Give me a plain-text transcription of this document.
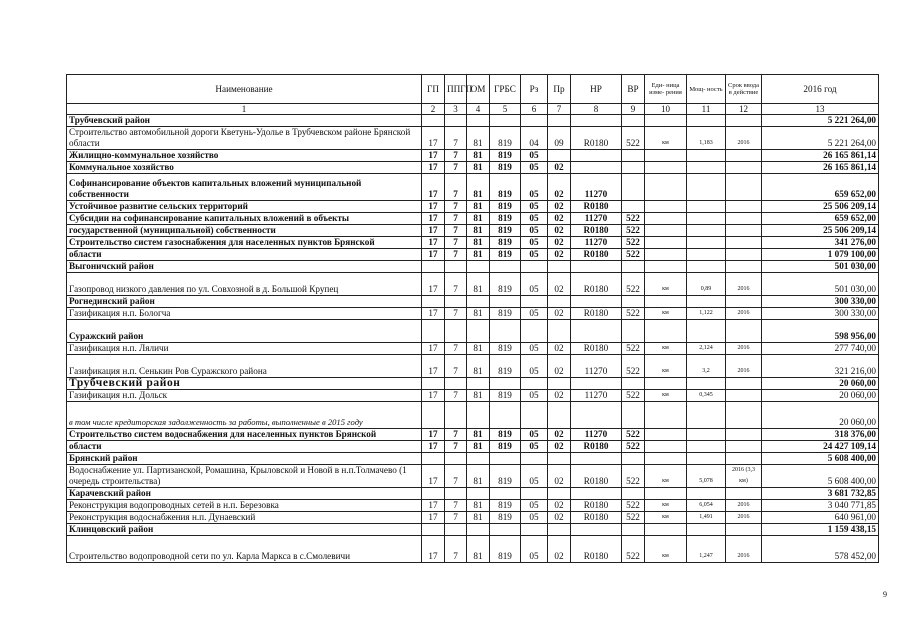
Наименование	ГП	ППГП	ОМ	ГРБС	Рз	Пр	НР	ВР	Еди- ница изме- рения	Мощ- ность	Срок ввода в действие	2016 год
1	2	3	4	5	6	7	8	9	10	11	12	13
Трубчевский район												5 221 264,00
Строительство автомобильной дороги Кветунь-Удолье в Трубчевском районе Брянской области	17	7	81	819	04	09	R0180	522	км	1,183	2016	5 221 264,00
Жилищно-коммунальное хозяйство	17	7	81	819	05							26 165 861,14
Коммунальное хозяйство	17	7	81	819	05	02						26 165 861,14
Софинансирование объектов капитальных вложений муниципальной собственности	17	7	81	819	05	02	11270					659 652,00
Устойчивое развитие сельских территорий	17	7	81	819	05	02	R0180					25 506 209,14
Субсидии на софинансирование капитальных вложений в объекты	17	7	81	819	05	02	11270	522				659 652,00
государственной (муниципальной) собственности	17	7	81	819	05	02	R0180	522				25 506 209,14
Строительство систем газоснабжения для населенных пунктов Брянской	17	7	81	819	05	02	11270	522				341 276,00
области	17	7	81	819	05	02	R0180	522				1 079 100,00
Выгоничский район												501 030,00
Газопровод низкого давления по ул. Совхозной в д. Большой Крупец	17	7	81	819	05	02	R0180	522	км	0,89	2016	501 030,00
Рогнединский район												300 330,00
Газификация н.п. Бологча	17	7	81	819	05	02	R0180	522	км	1,122	2016	300 330,00
Суражский район												598 956,00
Газификация н.п. Ляличи	17	7	81	819	05	02	R0180	522	км	2,124	2016	277 740,00
Газификация н.п. Сенькин Ров Суражского района	17	7	81	819	05	02	11270	522	км	3,2	2016	321 216,00
Трубчевский район												20 060,00
Газификация н.п. Дольск	17	7	81	819	05	02	11270	522	км	0,345		20 060,00
в том числе кредиторская задолженность за работы, выполненные в 2015 году												20 060,00
Строительство систем водоснабжения для населенных пунктов Брянской	17	7	81	819	05	02	11270	522				318 376,00
области	17	7	81	819	05	02	R0180	522				24 427 109,14
Брянский район												5 608 400,00
Водоснабжение ул. Партизанской, Ромашина, Крыловской и Новой в н.п.Толмачево (1 очередь строительства)	17	7	81	819	05	02	R0180	522	км	5,078	2016 (3,3 км)	5 608 400,00
Карачевский район												3 681 732,85
Реконструкция водопроводных сетей в н.п. Березовка	17	7	81	819	05	02	R0180	522	км	6,054	2016	3 040 771,85
Реконструкция водоснабжения н.п. Дунаевский	17	7	81	819	05	02	R0180	522	км	1,491	2016	640 961,00
Клинцовский район												1 159 438,15
Строительство водопроводной сети по ул. Карла Маркса в с.Смолевичи	17	7	81	819	05	02	R0180	522	км	1,247	2016	578 452,00
9
